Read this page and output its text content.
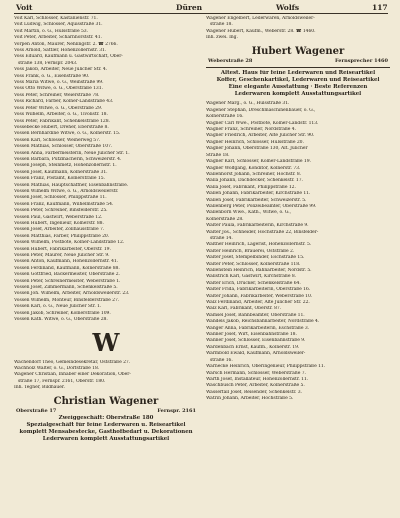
Voit	Düren	Wolfs	117
Voit Karl, Schlosser, Kastanienstr. 71.
Voit Ludwig, Schlosser, Aquisstraße 31.
Voit Martin, o. G., Hülsstraße 53.
Voit Peter, Arbeiter, Scharnhorststr. 41.
Vorpen Anton, Maurer, Nehlingstr. 2. ☎ 2766.
Voss Arnold, Sattler, Hohenzollernstr. 31.
Voss Eduard, Kaufmann u. Gastwirtschaft, Ober-
straße 138, Fernspr. 2043.
Voss Jakob, Arbeiter, Neue Jülicher Str. 4.
Voss Frank, o. G., Eisenstraße 90.
Voss Maria Witwe, o. G., Weinstraße 99.
Voss Otto Witwe, o. G., Oberstraße 131.
Voss Peter, Schreiner, Weierstraße 78.
Voss Richard, Färber, Kölner-Landstraße 43.
Voss Peter Witwe, o. G., Oberstraße 29.
Voss Wilhelm, Arbeiter, o. G., Tivolistr. 18.
Voss Peter, Fabrikant, Schenkelstraße 128.
Vossebecke Hubert, Dreher, Eberstraße 8.
Vossen Bernhardine Witwe, o. G., Kölnerstr. 15.
Vossen Karl, Schlosser, Weiherweg 57.
Vossen Mathias, Schlosser, Oberstraße 107.
Vossen Anna, Färbermeisterin, Neue Jülicher Str. 1.
Vossen Barbara, Putzmacherin, Schweizerstr. 4.
Vossen Joseph, Steinmetz, Hohenzollernstr. 1.
Vossen Josef, Kaufmann, Kölnerstraße 31.
Vossen Franz, Postamt, Kölnerstraße 15.
Vossen Mathias, Hauptschaffner, Eisenbahnstraße.
Vossen Wilhelm Witwe, o. G., Arnoldsweilerstr.
Vossen Josef, Schlosser, Philippstraße 11.
Vossen Franz, Kaufmann, Wilhelmstraße 54.
Vossen Peter, Schreiner, Binsfelderstr. 25.
Vossen Paul, Gastwirt, Weberstraße 12.
Vossen Hubert, Ingenieur, Kölnerstr. 88.
Vossen Josef, Arbeiter, Zollhausstraße 7.
Vossen Matthias, Färber, Philippstraße 20.
Vossen Wilhelm, Postbote, Kölner-Landstraße 12.
Vossen Hubert, Fabrikarbeiter, Oberstr. 19.
Vossen Peter, Maurer, Neue Jülicher Str. 9.
Vossen Anton, Kaufmann, Hohenzollernstr. 41.
Vossen Ferdinand, Kaufmann, Kölnerstraße 88.
Vossen Gottfried, Bäckermeister, Oberstraße 2.
Vossen Peter, Schreinermeister, Weberstraße 1.
Vossen Josef, Zimmermann, Schenkelstraße 5.
Vossen Joh. Wilhelm, Arbeiter, Arnoldsweilerstr. 23.
Vossen Wilhelm, Monteur, Binsfelderstraße 27.
Vossen Karl, o. G., Neue Jülicher Str. 1.
Vossen Jakob, Schreiner, Kölnerstraße 109.
Vossen Kath. Witwe, o. G., Oberstraße 28.
W
Wachendorf Theo, Gemeindesekretär, Oststraße 27.
Wachholz Walter, o. G., Dorfstraße 18.
Wagener Christian, Inhaber einer Dekoration, Ober-
straße 17, Fernspr. 2161, Oberstr. 180.
Inh. Tegner, Bildhauer.
Christian Wagener
Oberstraße 17	Fernspr. 2161
Zweiggeschäft: Oberstraße 180
Spezialgeschäft für feine Lederwaren u. Reiseartikel
komplett Mensabestecke, Gasthofbedarf u. Dekorationen
Lederwaren komplett Ausstattungsartikel
Wagener Engelbert, Lederwaren, Arnoldsweiler-
straße 18.
Wagener Hubert, Kaufm., Weberstr. 28. ☎ 1460.
Inh. zwei. Ing.
Hubert Wagener
Weberstraße 28	Fernsprecher 1460
Ältest. Haus für feine Lederwaren und Reiseartikel
Koffer, Geschenkartikel, Lederwaren und Reiseartikel
Eine elegante Ausstattung · Beste Referenzen
Lederwaren komplett Ausstattungsartikel
Wagener Marg., o. G., Hülsstraße 31.
Wagener Stephan, Dreschmaschinenbauer, o. G.,
Kölnerstraße 16.
Wagner Carl Wwe., Postbote, Kölner-Landstr. 113.
Wagner Franz, Schreiner, Nordstraße 4.
Wagner Friedrich, Arbeiter, Alte Jülicher Str. 90.
Wagner Heinrich, Schlosser, Hülsstraße 20.
Wagner Johann, Oberstraße 130, Alt. Jülicher
Straße 18.
Wagner Karl, Schlosser, Kölner-Landstraße 19.
Wagner Wolfgang, Konditor, Kölnerstr. 73.
Wallenhorst Johann, Schreiner, Hochstr. 8.
Walla Johann, Dachdecker, Schenkelstr. 17.
Walla Josef, Fabrikant, Philippstraße 12.
Wallen Johann, Fabrikarbeiter, Kirchstraße 11.
Wallen Josef, Fabrikarbeiter, Schweizerstr. 5.
Wallenberg Peter, Polizeibeamter, Oberstraße 99.
Wallenborn Wwe., Kath., Witwe, o. G.,
Kölnerstraße 28.
Walter Paula, Fabrikarbeiterin, Kirchstraße 9.
Walter Jos., Schneider, Hochstraße 22, Binsfelder-
straße 14.
Walther Heinrich, Lagerist, Hohenzollernstr. 5.
Walter Heinrich, Brauerei, Oststraße 2.
Walter Josef, Stempelbinder, Eschstraße 15.
Walter Peter, Schlosser, Kölnerstraße 118.
Wallenstein Heinrich, Bahnarbeiter, Nordstr. 5.
Wallstrich Karl, Gastwirt, Kirchstraße 8.
Walter Erich, Drucker, Schenkelstraße 64.
Walter Frida, Fabrikarbeiterin, Oberstraße 16.
Walter Johann, Fabrikarbeiter, Weberstraße 10.
Walz Ferdinand, Arbeiter, Alte Jülicher Str. 22.
Walz Karl, Fabrikant, Oberstr. 87.
Wamsel Josef, Bahnbeamter, Oberstraße 11.
Wandels Jakob, Reichsbahnarbeiter, Nordstraße 4.
Wanger Anna, Fabrikarbeiterin, Eschstraße 3.
Wanner Josef, Wirt, Eisenbahnstraße 18.
Wanner Josef, Schlosser, Eisenbahnstraße 9.
Wardenbach Ernst, Kaufm., Kölnerstr. 19.
Warmbold Ewald, Kaufmann, Arnoldsweiler-
straße 16.
Warnecke Heinrich, Oberingenieur, Philippstraße 11.
Warsch Hermann, Schlosser, Weberstraße 7.
Warth Josef, Installateur, Hohenzollernstr. 11.
Waschbusch Peter, Arbeiter, Kölnerstraße 5.
Wasserfall Josef, Reisender, Schenkelstr. 3.
Watrin Johann, Arbeiter, Hochstraße 5.
